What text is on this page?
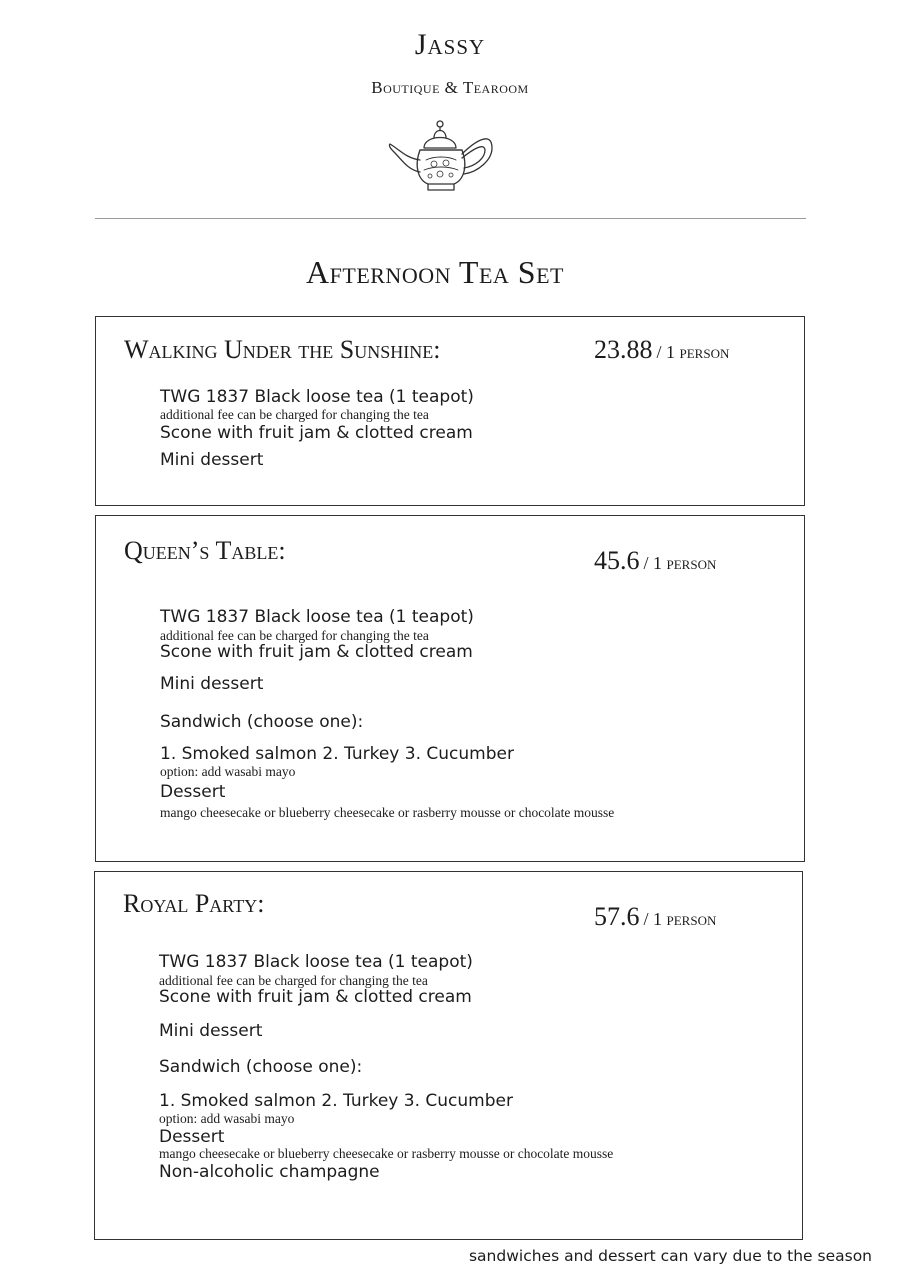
Jassy
Boutique & Tearoom
Afternoon Tea Set
Walking Under the Sunshine:	23.88 / 1 person
TWG 1837 Black loose tea (1 teapot)
additional fee can be charged for changing the tea
Scone with fruit jam & clotted cream
Mini dessert
Queen’s Table:	45.6 / 1 person
TWG 1837 Black loose tea (1 teapot)
additional fee can be charged for changing the tea
Scone with fruit jam & clotted cream
Mini dessert
Sandwich (choose one):
1. Smoked salmon 2. Turkey 3. Cucumber
option: add wasabi mayo
Dessert
mango cheesecake or blueberry cheesecake or rasberry mousse or chocolate mousse
Royal Party:	57.6 / 1 person
TWG 1837 Black loose tea (1 teapot)
additional fee can be charged for changing the tea
Scone with fruit jam & clotted cream
Mini dessert
Sandwich (choose one):
1. Smoked salmon 2. Turkey 3. Cucumber
option: add wasabi mayo
Dessert
mango cheesecake or blueberry cheesecake or rasberry mousse or chocolate mousse
Non-alcoholic champagne
sandwiches and dessert can vary due to the season
